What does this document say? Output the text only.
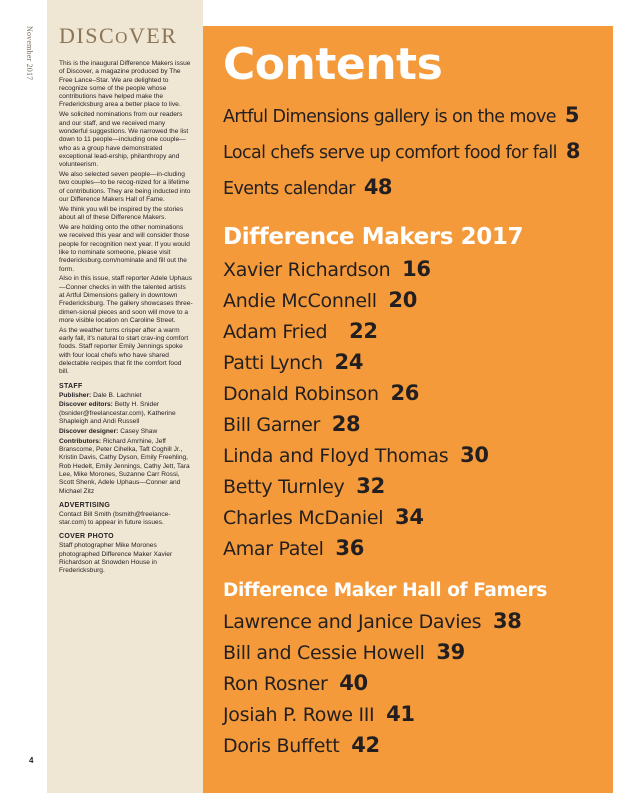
November 2017
4
DISCOVER

This is the inaugural Difference Makers issue of Discover, a magazine produced by The Free Lance–Star. We are delighted to recognize some of the people whose contributions have helped make the Fredericksburg area a better place to live.

We solicited nominations from our readers and our staff, and we received many wonderful suggestions. We narrowed the list down to 11 people—including one couple—who as a group have demonstrated exceptional lead-ership, philanthropy and volunteerism.

We also selected seven people—in-cluding two couples—to be recog-nized for a lifetime of contributions. They are being inducted into our Difference Makers Hall of Fame.

We think you will be inspired by the stories about all of these Difference Makers.

We are holding onto the other nominations we received this year and will consider those people for recognition next year. If you would like to nominate someone, please visit fredericksburg.com/nominate and fill out the form.

Also in this issue, staff reporter Adele Uphaus—Conner checks in with the talented artists at Artful Dimensions gallery in downtown Fredericksburg. The gallery showcases three-dimen-sional pieces and soon will move to a more visible location on Caroline Street.

As the weather turns crisper after a warm early fall, it's natural to start crav-ing comfort foods. Staff reporter Emily Jennings spoke with four local chefs who have shared delectable recipes that fit the comfort food bill.

STAFF

Publisher: Dale B. Lachniet

Discover editors: Betty H. Snider (bsnider@freelancestar.com), Katherine Shapleigh and Andi Russell

Discover designer: Casey Shaw

Contributors: Richard Amrhine, Jeff Branscome, Peter Cihelka, Taft Coghill Jr., Kristin Davis, Cathy Dyson, Emily Freehling, Rob Hedelt, Emily Jennings, Cathy Jett, Tara Lee, Mike Morones, Suzanne Carr Rossi, Scott Shenk, Adele Uphaus—Conner and Michael Zitz

ADVERTISING

Contact Bill Smith (bsmith@freelance-star.com) to appear in future issues.

COVER PHOTO

Staff photographer Mike Morones photographed Difference Maker Xavier Richardson at Snowden House in Fredericksburg.

Contents
Artful Dimensions gallery is on the move 5
Local chefs serve up comfort food for fall 8
Events calendar 48
Difference Makers 2017
Xavier Richardson 16
Andie McConnell 20
Adam Fried 22
Patti Lynch 24
Donald Robinson 26
Bill Garner 28
Linda and Floyd Thomas 30
Betty Turnley 32
Charles McDaniel 34
Amar Patel 36
Difference Maker Hall of Famers
Lawrence and Janice Davies 38
Bill and Cessie Howell 39
Ron Rosner 40
Josiah P. Rowe III 41
Doris Buffett 42
